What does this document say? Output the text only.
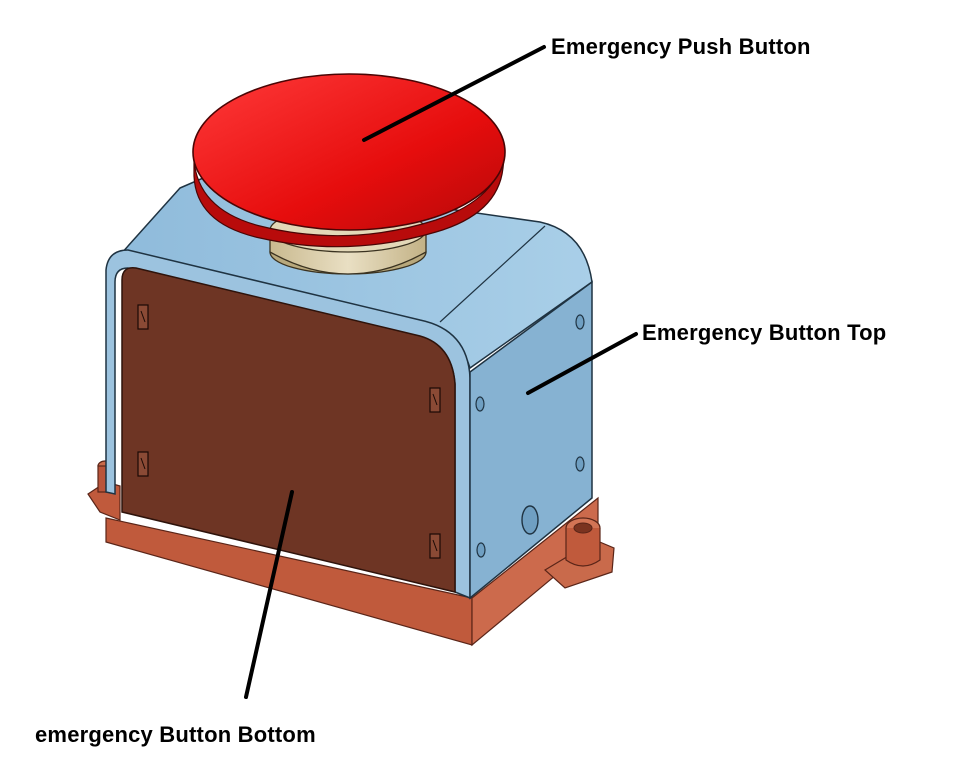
Emergency Push Button
Emergency Button Top
emergency Button Bottom
